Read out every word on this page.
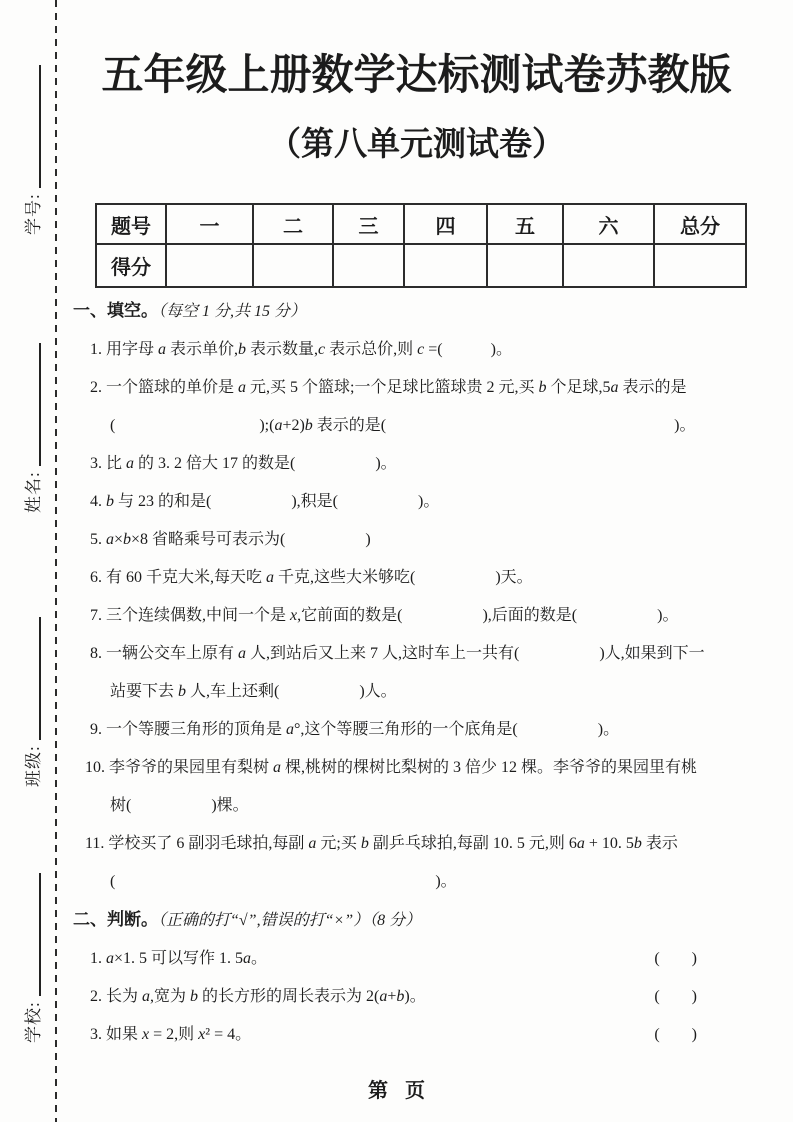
学号:
姓名:
班级:
学校:
五年级上册数学达标测试卷苏教版
（第八单元测试卷）
题号	一	二	三	四	五	六	总分
得分							
一、填空。（每空 1 分,共 15 分）
1. 用字母 a 表示单价,b 表示数量,c 表示总价,则 c =(　　　)。
2. 一个篮球的单价是 a 元,买 5 个篮球;一个足球比篮球贵 2 元,买 b 个足球,5a 表示的是
(　　　　　　　　　);(a+2)b 表示的是(　　　　　　　　　　　　　　　　　　)。
3. 比 a 的 3. 2 倍大 17 的数是(　　　　　)。
4. b 与 23 的和是(　　　　　),积是(　　　　　)。
5. a×b×8 省略乘号可表示为(　　　　　)
6. 有 60 千克大米,每天吃 a 千克,这些大米够吃(　　　　　)天。
7. 三个连续偶数,中间一个是 x,它前面的数是(　　　　　),后面的数是(　　　　　)。
8. 一辆公交车上原有 a 人,到站后又上来 7 人,这时车上一共有(　　　　　)人,如果到下一
站要下去 b 人,车上还剩(　　　　　)人。
9. 一个等腰三角形的顶角是 a°,这个等腰三角形的一个底角是(　　　　　)。
10. 李爷爷的果园里有梨树 a 棵,桃树的棵树比梨树的 3 倍少 12 棵。李爷爷的果园里有桃
树(　　　　　)棵。
11. 学校买了 6 副羽毛球拍,每副 a 元;买 b 副乒乓球拍,每副 10. 5 元,则 6a + 10. 5b 表示
(　　　　　　　　　　　　　　　　　　　　)。
二、判断。（正确的打“√”,错误的打“×”）（8 分）
1. a×1. 5 可以写作 1. 5a。	(　　)
2. 长为 a,宽为 b 的长方形的周长表示为 2(a+b)。	(　　)
3. 如果 x = 2,则 x² = 4。	(　　)
第 页
